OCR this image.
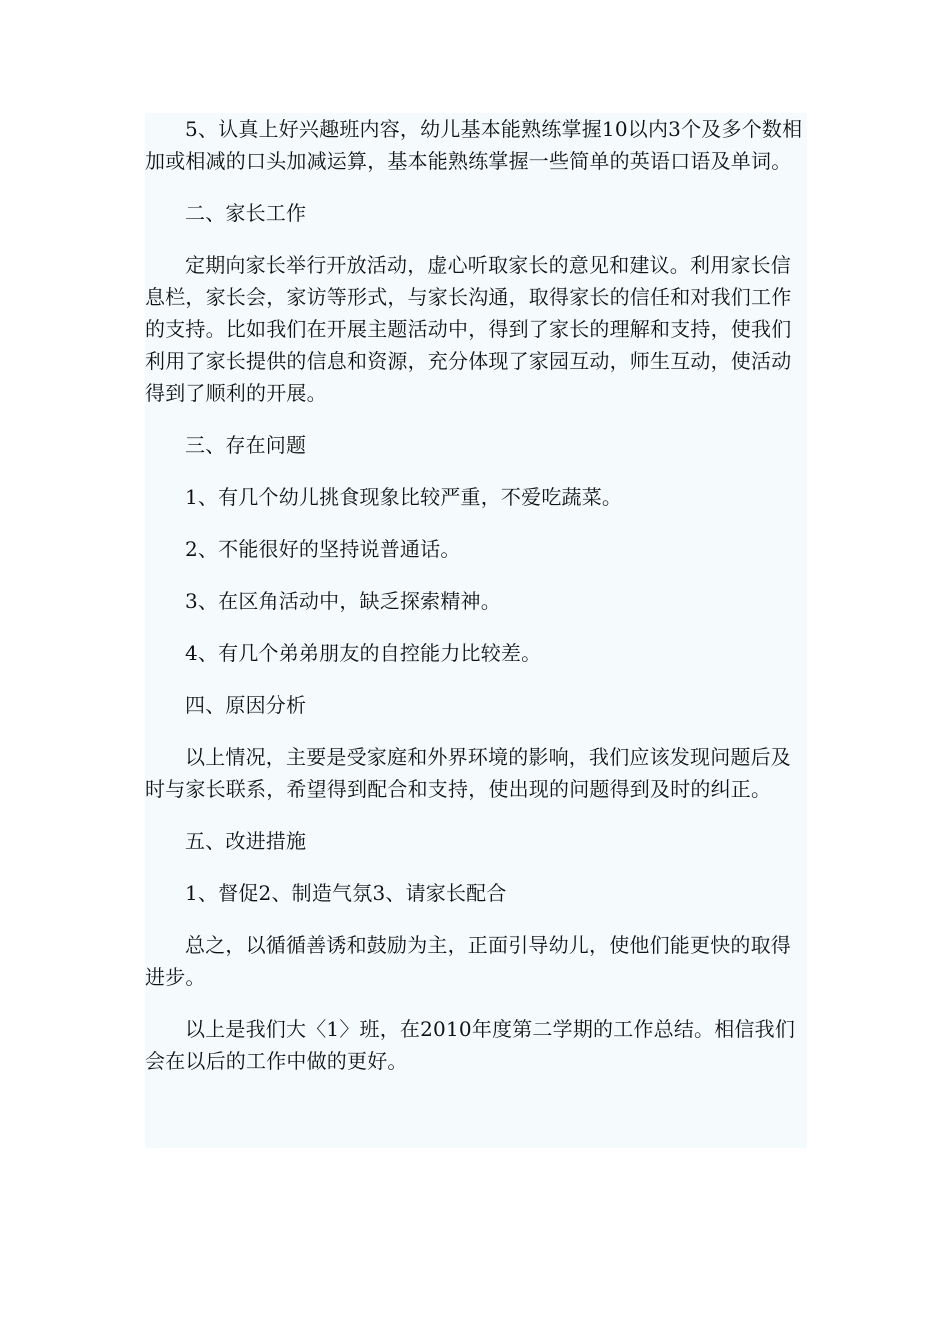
5、认真上好兴趣班内容，幼儿基本能熟练掌握10以内3个及多个数相加或相减的口头加减运算，基本能熟练掌握一些简单的英语口语及单词。

二、家长工作

定期向家长举行开放活动，虚心听取家长的意见和建议。利用家长信息栏，家长会，家访等形式，与家长沟通，取得家长的信任和对我们工作的支持。比如我们在开展主题活动中，得到了家长的理解和支持，使我们利用了家长提供的信息和资源，充分体现了家园互动，师生互动，使活动得到了顺利的开展。

三、存在问题

1、有几个幼儿挑食现象比较严重，不爱吃蔬菜。

2、不能很好的坚持说普通话。

3、在区角活动中，缺乏探索精神。

4、有几个弟弟朋友的自控能力比较差。

四、原因分析

以上情况，主要是受家庭和外界环境的影响，我们应该发现问题后及时与家长联系，希望得到配合和支持，使出现的问题得到及时的纠正。

五、改进措施

1、督促2、制造气氛3、请家长配合

总之，以循循善诱和鼓励为主，正面引导幼儿，使他们能更快的取得进步。

以上是我们大〈1〉班，在2010年度第二学期的工作总结。相信我们会在以后的工作中做的更好。
